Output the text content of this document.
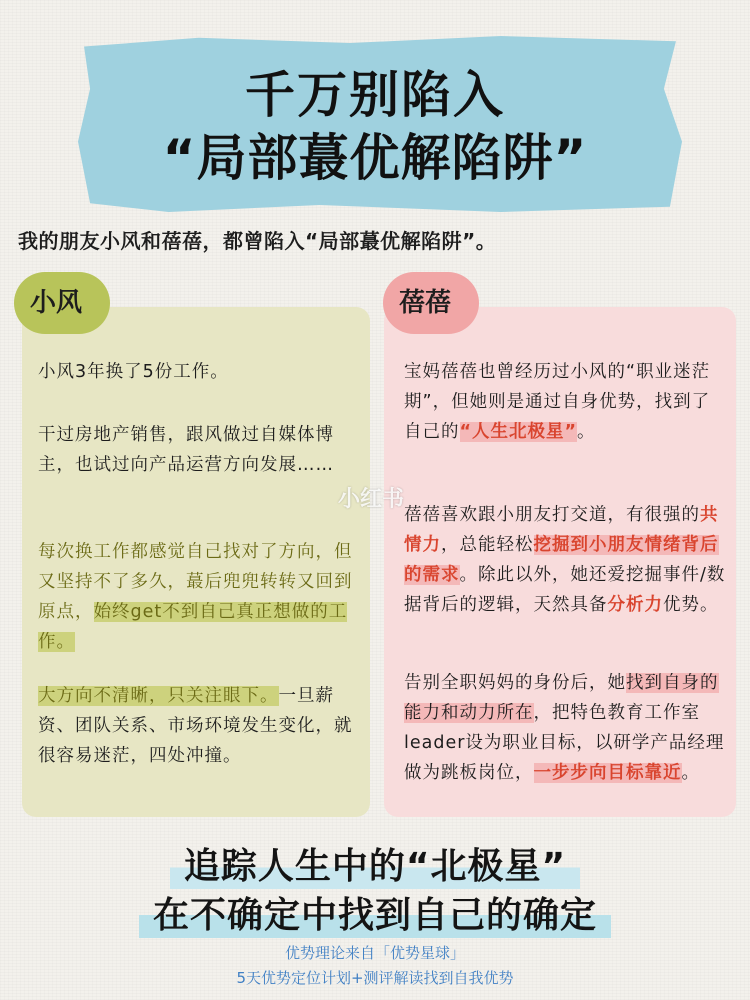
千万别陷入
“局部蕞优解陷阱”
我的朋友小风和蓓蓓，都曾陷入“局部蕞优解陷阱”。
小风	蓓蓓
小风3年换了5份工作。
干过房地产销售，跟风做过自媒体博主，也试过向产品运营方向发展……
每次换工作都感觉自己找对了方向，但又坚持不了多久，蕞后兜兜转转又回到原点，始终get不到自己真正想做的工作。
大方向不清晰，只关注眼下。一旦薪资、团队关系、市场环境发生变化，就很容易迷茫，四处冲撞。
宝妈蓓蓓也曾经历过小风的“职业迷茫期”，但她则是通过自身优势，找到了自己的“人生北极星”。
蓓蓓喜欢跟小朋友打交道，有很强的共情力，总能轻松挖掘到小朋友情绪背后的需求。除此以外，她还爱挖掘事件/数据背后的逻辑，天然具备分析力优势。
告别全职妈妈的身份后，她找到自身的能力和动力所在，把特色教育工作室leader设为职业目标，以研学产品经理做为跳板岗位，一步步向目标靠近。
小红书
追踪人生中的“北极星”
在不确定中找到自己的确定
优势理论来自「优势星球」
5天优势定位计划+测评解读找到自我优势
